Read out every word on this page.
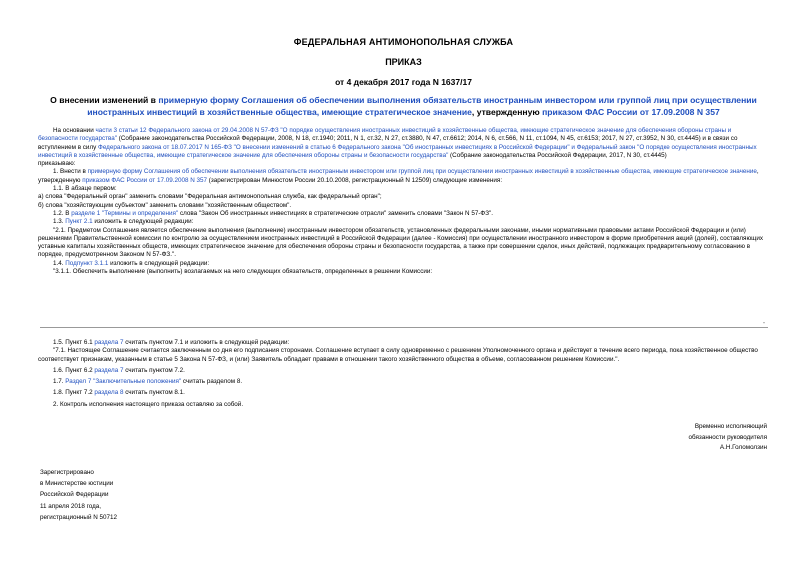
ФЕДЕРАЛЬНАЯ АНТИМОНОПОЛЬНАЯ СЛУЖБА
ПРИКАЗ
от 4 декабря 2017 года N 1637/17
О внесении изменений в примерную форму Соглашения об обеспечении выполнения обязательств иностранным инвестором или группой лиц при осуществлении иностранных инвестиций в хозяйственные общества, имеющие стратегическое значение, утвержденную приказом ФАС России от 17.09.2008 N 357

На основании части 3 статьи 12 Федерального закона от 29.04.2008 N 57-ФЗ "О порядке осуществления иностранных инвестиций в хозяйственные общества, имеющие стратегическое значение для обеспечения обороны страны и безопасности государства" (Собрание законодательства Российской Федерации, 2008, N 18, ст.1940; 2011, N 1, ст.32, N 27, ст.3880, N 47, ст.6612; 2014, N 6, ст.566, N 11, ст.1094, N 45, ст.6153; 2017, N 27, ст.3952, N 30, ст.4445) и в связи со вступлением в силу Федерального закона от 18.07.2017 N 165-ФЗ "О внесении изменений в статью 6 Федерального закона "Об иностранных инвестициях в Российской Федерации" и Федеральный закон "О порядке осуществления иностранных инвестиций в хозяйственные общества, имеющие стратегическое значение для обеспечения обороны страны и безопасности государства" (Собрание законодательства Российской Федерации, 2017, N 30, ст.4445)

приказываю:

1. Внести в примерную форму Соглашения об обеспечении выполнения обязательств иностранным инвестором или группой лиц при осуществлении иностранных инвестиций в хозяйственные общества, имеющие стратегическое значение, утвержденную приказом ФАС России от 17.09.2008 N 357 (зарегистрирован Минюстом России 20.10.2008, регистрационный N 12509) следующие изменения:

1.1. В абзаце первом:

а) слова "Федеральный орган" заменить словами "Федеральная антимонопольная служба, как федеральный орган";

б) слова "хозяйствующим субъектом" заменить словами "хозяйственным обществом".

1.2. В разделе 1 "Термины и определения" слова "Закон Об иностранных инвестициях в стратегические отрасли" заменить словами "Закон N 57-ФЗ".

1.3. Пункт 2.1 изложить в следующей редакции:

"2.1. Предметом Соглашения является обеспечение выполнения (выполнение) иностранным инвестором обязательств, установленных федеральными законами, иными нормативными правовыми актами Российской Федерации и (или) решениями Правительственной комиссии по контролю за осуществлением иностранных инвестиций в Российской Федерации (далее - Комиссия) при осуществлении иностранного инвестором в форме приобретения акций (долей), составляющих уставные капиталы хозяйственных обществ, имеющих стратегическое значение для обеспечения обороны страны и безопасности государства, а также при совершении сделок, иных действий, подлежащих предварительному согласованию в порядке, предусмотренном Законом N 57-ФЗ.".

1.4. Подпункт 3.1.1 изложить в следующей редакции:

"3.1.1. Обеспечить выполнение (выполнить) возлагаемых на него следующих обязательств, определенных в решении Комиссии:

"

1.5. Пункт 6.1 раздела 7 считать пунктом 7.1 и изложить в следующей редакции:

"7.1. Настоящее Соглашение считается заключенным со дня его подписания сторонами. Соглашение вступает в силу одновременно с решением Уполномоченного органа и действует в течение всего периода, пока хозяйственное общество соответствует признакам, указанным в статье 5 Закона N 57-ФЗ, и (или) Заявитель обладает правами в отношении такого хозяйственного общества в объеме, согласованном решением Комиссии.".

1.6. Пункт 6.2 раздела 7 считать пунктом 7.2.

1.7. Раздел 7 "Заключительные положения" считать разделом 8.

1.8. Пункт 7.2 раздела 8 считать пунктом 8.1.

2. Контроль исполнения настоящего приказа оставляю за собой.

Временно исполняющий
обязанности руководителя
А.Н.Голомолзин
Зарегистрировано
в Министерстве юстиции
Российской Федерации
11 апреля 2018 года,
регистрационный N 50712
